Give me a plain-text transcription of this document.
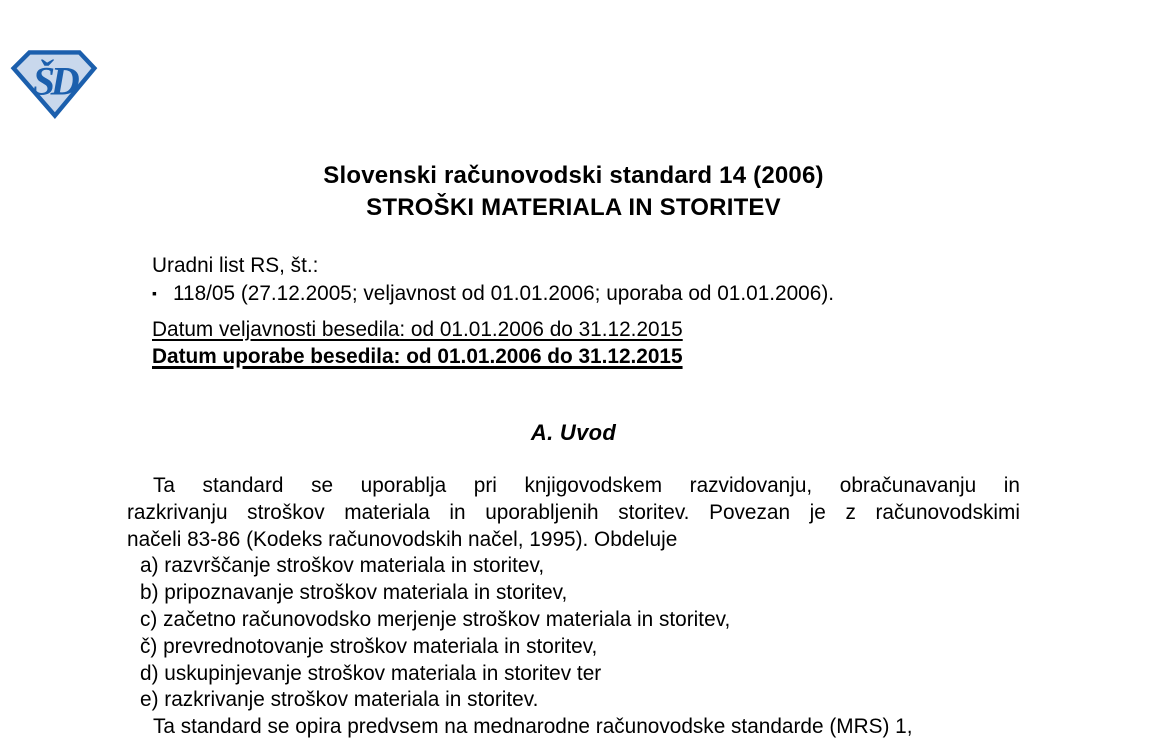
ŠD
Slovenski računovodski standard 14 (2006)
STROŠKI MATERIALA IN STORITEV
Uradni list RS, št.:
▪ 118/05 (27.12.2005; veljavnost od 01.01.2006; uporaba od 01.01.2006).
Datum veljavnosti besedila: od 01.01.2006 do 31.12.2015
Datum uporabe besedila: od 01.01.2006 do 31.12.2015
A. Uvod
Ta standard se uporablja pri knjigovodskem razvidovanju, obračunavanju in
razkrivanju stroškov materiala in uporabljenih storitev. Povezan je z računovodskimi
načeli 83-86 (Kodeks računovodskih načel, 1995). Obdeluje
a) razvrščanje stroškov materiala in storitev,
b) pripoznavanje stroškov materiala in storitev,
c) začetno računovodsko merjenje stroškov materiala in storitev,
č) prevrednotovanje stroškov materiala in storitev,
d) uskupinjevanje stroškov materiala in storitev ter
e) razkrivanje stroškov materiala in storitev.
Ta standard se opira predvsem na mednarodne računovodske standarde (MRS) 1,
